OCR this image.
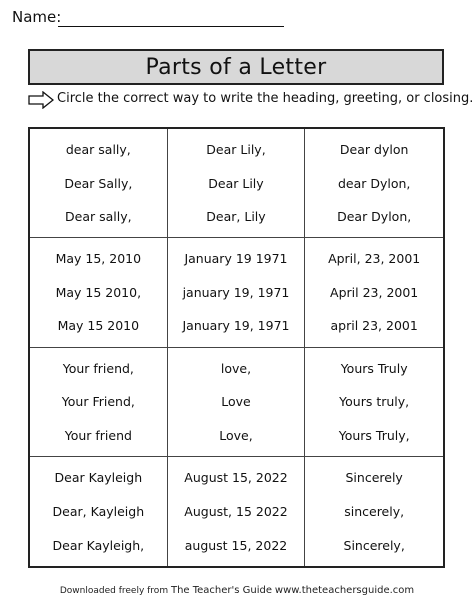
Name:
Parts of a Letter
Circle the correct way to write the heading, greeting, or closing.
dear sally,
Dear Sally,
Dear sally,
Dear Lily,
Dear Lily
Dear, Lily
Dear dylon
dear Dylon,
Dear Dylon,
May 15, 2010
May 15 2010,
May 15 2010
January 19 1971
january 19, 1971
January 19, 1971
April, 23, 2001
April 23, 2001
april 23, 2001
Your friend,
Your Friend,
Your friend
love,
Love
Love,
Yours Truly
Yours truly,
Yours Truly,
Dear Kayleigh
Dear, Kayleigh
Dear Kayleigh,
August 15, 2022
August, 15 2022
august 15, 2022
Sincerely
sincerely,
Sincerely,
Downloaded freely from The Teacher's Guide www.theteachersguide.com
